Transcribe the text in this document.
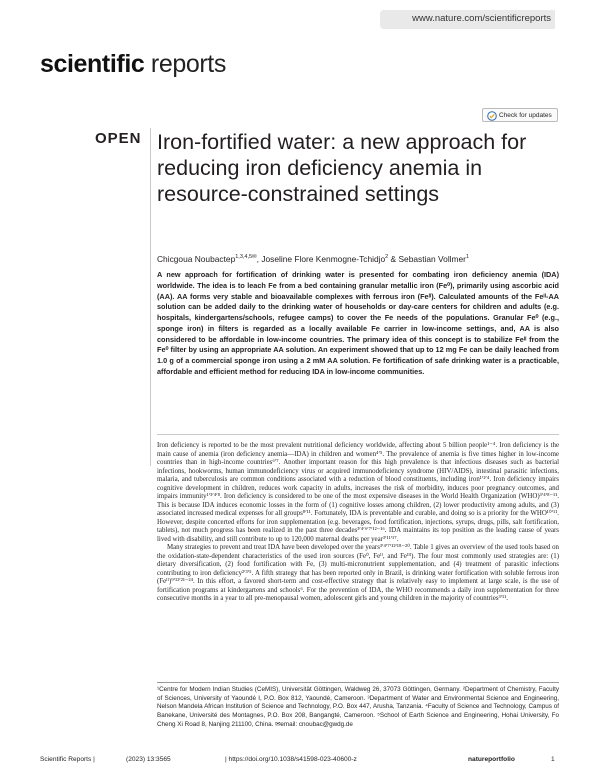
www.nature.com/scientificreports
scientific reports
Check for updates
OPEN Iron-fortified water: a new approach for reducing iron deficiency anemia in resource-constrained settings
Chicgoua Noubactep$^{1,3,4,5✉}$, Joseline Flore Kenmogne-Tchidjo$^2$ & Sebastian Vollmer$^1$

A new approach for fortification of drinking water is presented for combating iron deficiency anemia (IDA) worldwide. The idea is to leach Fe from a bed containing granular metallic iron (Fe⁰), primarily using ascorbic acid (AA). AA forms very stable and bioavailable complexes with ferrous iron (Feᴵᴵ). Calculated amounts of the Feᴵᴵ-AA solution can be added daily to the drinking water of households or day-care centers for children and adults (e.g. hospitals, kindergartens/schools, refugee camps) to cover the Fe needs of the populations. Granular Fe⁰ (e.g., sponge iron) in filters is regarded as a locally available Fe carrier in low-income settings, and, AA is also considered to be affordable in low-income countries. The primary idea of this concept is to stabilize Feᴵᴵ from the Fe⁰ filter by using an appropriate AA solution. An experiment showed that up to 12 mg Fe can be daily leached from 1.0 g of a commercial sponge iron using a 2 mM AA solution. Fe fortification of safe drinking water is a practicable, affordable and efficient method for reducing IDA in low-income communities.

Iron deficiency is reported to be the most prevalent nutritional deficiency worldwide, affecting about 5 billion people¹⁻⁴. Iron deficiency is the main cause of anemia (iron deficiency anemia—IDA) in children and women⁴ʹ⁵. The prevalence of anemia is five times higher in low-income countries than in high-income countries⁶ʹ⁷. Another important reason for this high prevalence is that infectious diseases such as bacterial infections, hookworms, human immunodeficiency virus or acquired immunodeficiency syndrome (HIV/AIDS), intestinal parasitic infections, malaria, and tuberculosis are common conditions associated with a reduction of blood constituents, including iron¹ʹ²ʹ⁴. Iron deficiency impairs cognitive development in children, reduces work capacity in adults, increases the risk of morbidity, induces poor pregnancy outcomes, and impairs immunity¹ʹ³ʹ⁴ʹ⁸. Iron deficiency is considered to be one of the most expensive diseases in the World Health Organization (WHO)³ʹ⁴ʹ⁸⁻¹¹. This is because IDA induces economic losses in the form of (1) cognitive losses among children, (2) lower productivity among adults, and (3) associated increased medical expenses for all groups⁸ʹ¹¹. Fortunately, IDA is preventable and curable, and doing so is a priority for the WHO¹⁰ʹ¹¹. However, despite concerted efforts for iron supplementation (e.g. beverages, food fortification, injections, syrups, drugs, pills, salt fortification, tablets), not much progress has been realized in the past three decades³ʹ⁴ʹ⁶ʹ⁷ʹ¹²⁻¹⁶. IDA maintains its top position as the leading cause of years lived with disability, and still contribute to up to 120,000 maternal deaths per year³ʹ¹¹ʹ¹⁷.

Many strategies to prevent and treat IDA have been developed over the years³ʹ⁴ʹ⁷ʹ¹²ʹ¹⁸⁻²⁰. Table 1 gives an overview of the used tools based on the oxidation-state-dependent characteristics of the used iron sources (Fe⁰, Feᴵᴵ, and Feᴵᴵᴵ). The four most commonly used strategies are: (1) dietary diversification, (2) food fortification with Fe, (3) multi-micronutrient supplementation, and (4) treatment of parasitic infections contributing to iron deficiency²ʹ³ʹ⁵. A fifth strategy that has been reported only in Brazil, is drinking water fortification with soluble ferrous iron (Feᴵᴵ)⁹ʹ¹²ʹ²¹⁻²⁴. In this effort, a favored short-term and cost-effective strategy that is relatively easy to implement at large scale, is the use of fortification programs at kindergartens and schools⁶. For the prevention of IDA, the WHO recommends a daily iron supplementation for three consecutive months in a year to all pre-menopausal women, adolescent girls and young children in the majority of countries³ʹ¹¹.

¹Centre for Modern Indian Studies (CeMIS), Universität Göttingen, Waldweg 26, 37073 Göttingen, Germany. ²Department of Chemistry, Faculty of Sciences, University of Yaoundé I, P.O. Box 812, Yaoundé, Cameroon. ³Department of Water and Environmental Science and Engineering, Nelson Mandela African Institution of Science and Technology, P.O. Box 447, Arusha, Tanzania. ⁴Faculty of Science and Technology, Campus of Banekane, Université des Montagnes, P.O. Box 208, Bangangté, Cameroon. ⁵School of Earth Science and Engineering, Hohai University, Fo Cheng Xi Road 8, Nanjing 211100, China. ✉email: cnoubac@gwdg.de
Scientific Reports |	(2023) 13:3565	| https://doi.org/10.1038/s41598-023-40600-z	natureportfolio	1
